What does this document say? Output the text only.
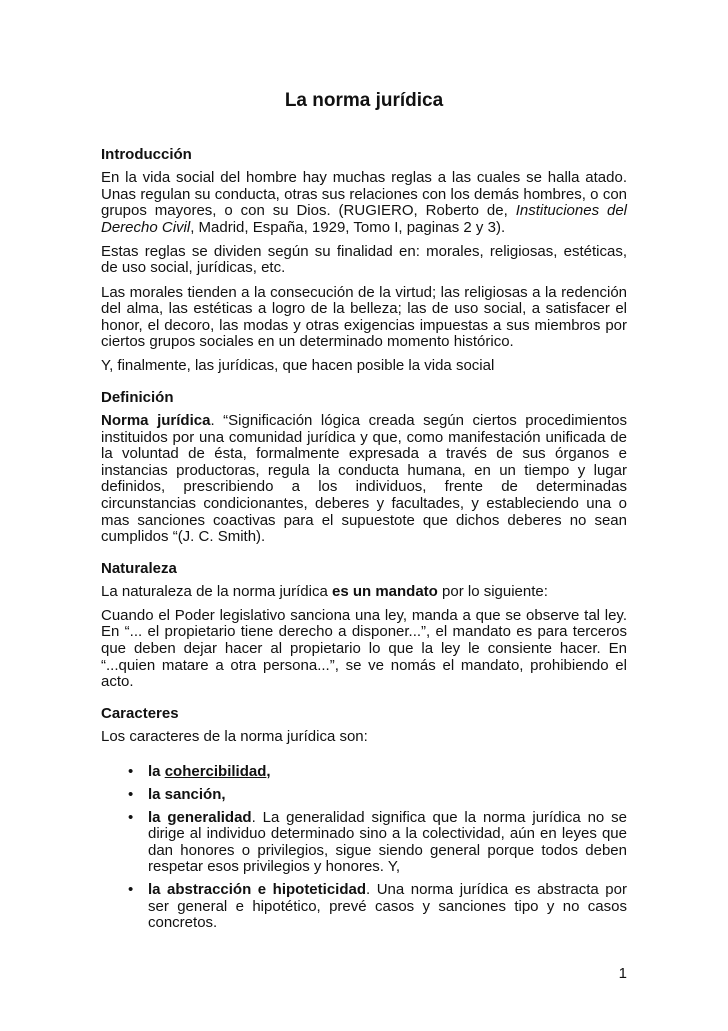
La norma jurídica
Introducción

En la vida social del hombre hay muchas reglas a las cuales se halla atado. Unas regulan su conducta, otras sus relaciones con los demás hombres, o con grupos mayores, o con su Dios. (RUGIERO, Roberto de, Instituciones del Derecho Civil, Madrid, España, 1929, Tomo I, paginas 2 y 3).

Estas reglas se dividen según su finalidad en: morales, religiosas, estéticas, de uso social, jurídicas, etc.

Las morales tienden a la consecución de la virtud; las religiosas a la redención del alma, las estéticas a logro de la belleza; las de uso social, a satisfacer el honor, el decoro, las modas y otras exigencias impuestas a sus miembros por ciertos grupos sociales en un determinado momento histórico.

Y, finalmente, las jurídicas, que hacen posible la vida social

Definición

Norma jurídica. “Significación lógica creada según ciertos procedimientos instituidos por una comunidad jurídica y que, como manifestación unificada de la voluntad de ésta, formalmente expresada a través de sus órganos e instancias productoras, regula la conducta humana, en un tiempo y lugar definidos, prescribiendo a los individuos, frente de determinadas circunstancias condicionantes, deberes y facultades, y estableciendo una o mas sanciones coactivas para el supuestote que dichos deberes no sean cumplidos “(J. C. Smith).

Naturaleza

La naturaleza de la norma jurídica es un mandato por lo siguiente:

Cuando el Poder legislativo sanciona una ley, manda a que se observe tal ley. En “... el propietario tiene derecho a disponer...”, el mandato es para terceros que deben dejar hacer al propietario lo que la ley le consiente hacer. En “...quien matare a otra persona...”, se ve nomás el mandato, prohibiendo el acto.

Caracteres

Los caracteres de la norma jurídica son:

• la cohercibilidad,
• la sanción,
• la generalidad. La generalidad significa que la norma jurídica no se dirige al individuo determinado sino a la colectividad, aún en leyes que dan honores o privilegios, sigue siendo general porque todos deben respetar esos privilegios y honores. Y,
• la abstracción e hipoteticidad. Una norma jurídica es abstracta por ser general e hipotético, prevé casos y sanciones tipo y no casos concretos.
1
